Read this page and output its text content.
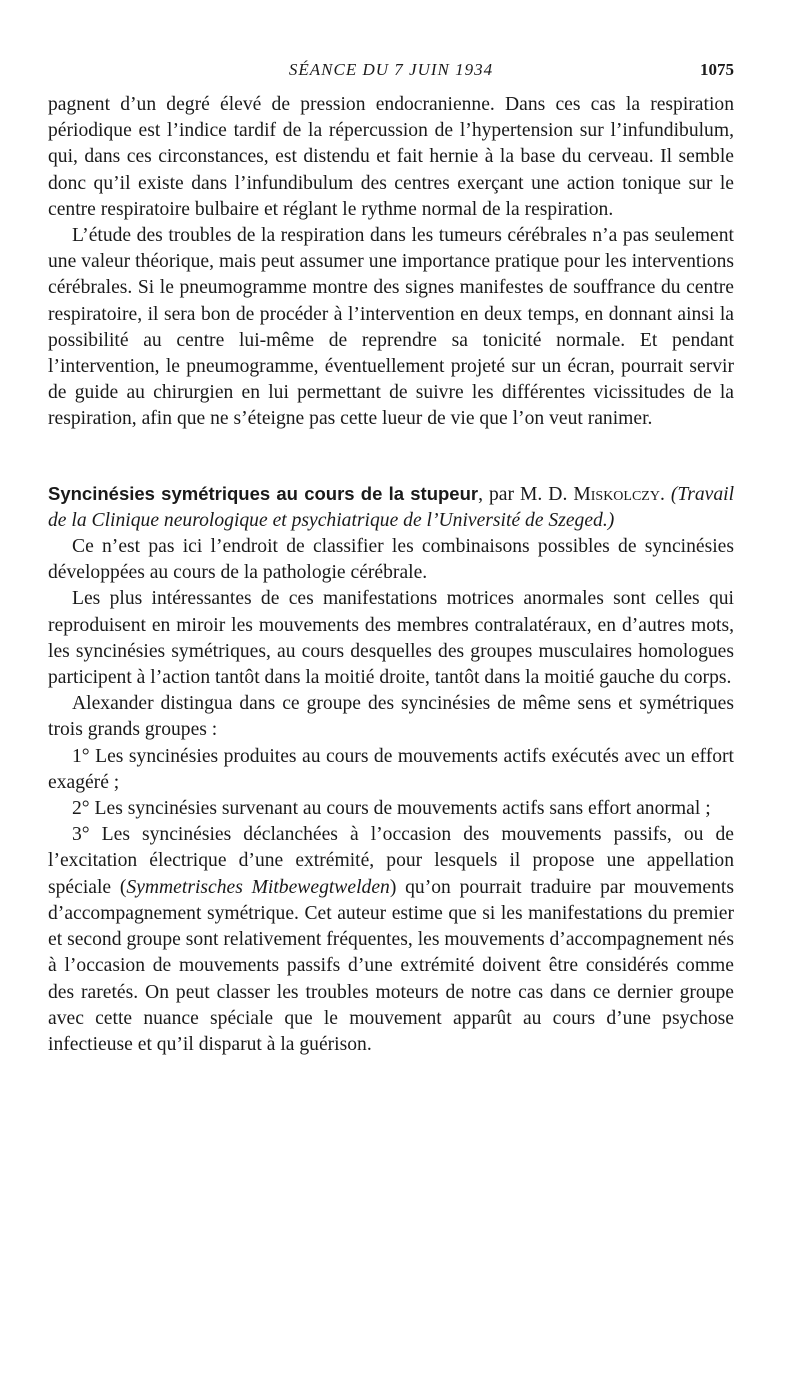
SÉANCE DU 7 JUIN 1934	1075

pagnent d’un degré élevé de pression endocranienne. Dans ces cas la respiration périodique est l’indice tardif de la répercussion de l’hypertension sur l’infundibulum, qui, dans ces circonstances, est distendu et fait hernie à la base du cerveau. Il semble donc qu’il existe dans l’infundibulum des centres exerçant une action tonique sur le centre respiratoire bulbaire et réglant le rythme normal de la respiration.

L’étude des troubles de la respiration dans les tumeurs cérébrales n’a pas seulement une valeur théorique, mais peut assumer une importance pratique pour les interventions cérébrales. Si le pneumogramme montre des signes manifestes de souffrance du centre respiratoire, il sera bon de procéder à l’intervention en deux temps, en donnant ainsi la possibilité au centre lui-même de reprendre sa tonicité normale. Et pendant l’intervention, le pneumogramme, éventuellement projeté sur un écran, pourrait servir de guide au chirurgien en lui permettant de suivre les différentes vicissitudes de la respiration, afin que ne s’éteigne pas cette lueur de vie que l’on veut ranimer.

Syncinésies symétriques au cours de la stupeur, par M. D. Miskolczy. (Travail de la Clinique neurologique et psychiatrique de l’Université de Szeged.)

Ce n’est pas ici l’endroit de classifier les combinaisons possibles de syncinésies développées au cours de la pathologie cérébrale.

Les plus intéressantes de ces manifestations motrices anormales sont celles qui reproduisent en miroir les mouvements des membres contralatéraux, en d’autres mots, les syncinésies symétriques, au cours desquelles des groupes musculaires homologues participent à l’action tantôt dans la moitié droite, tantôt dans la moitié gauche du corps.

Alexander distingua dans ce groupe des syncinésies de même sens et symétriques trois grands groupes :

1° Les syncinésies produites au cours de mouvements actifs exécutés avec un effort exagéré ;

2° Les syncinésies survenant au cours de mouvements actifs sans effort anormal ;

3° Les syncinésies déclanchées à l’occasion des mouvements passifs, ou de l’excitation électrique d’une extrémité, pour lesquels il propose une appellation spéciale (Symmetrisches Mitbewegtwelden) qu’on pourrait traduire par mouvements d’accompagnement symétrique. Cet auteur estime que si les manifestations du premier et second groupe sont relativement fréquentes, les mouvements d’accompagnement nés à l’occasion de mouvements passifs d’une extrémité doivent être considérés comme des raretés. On peut classer les troubles moteurs de notre cas dans ce dernier groupe avec cette nuance spéciale que le mouvement apparût au cours d’une psychose infectieuse et qu’il disparut à la guérison.
